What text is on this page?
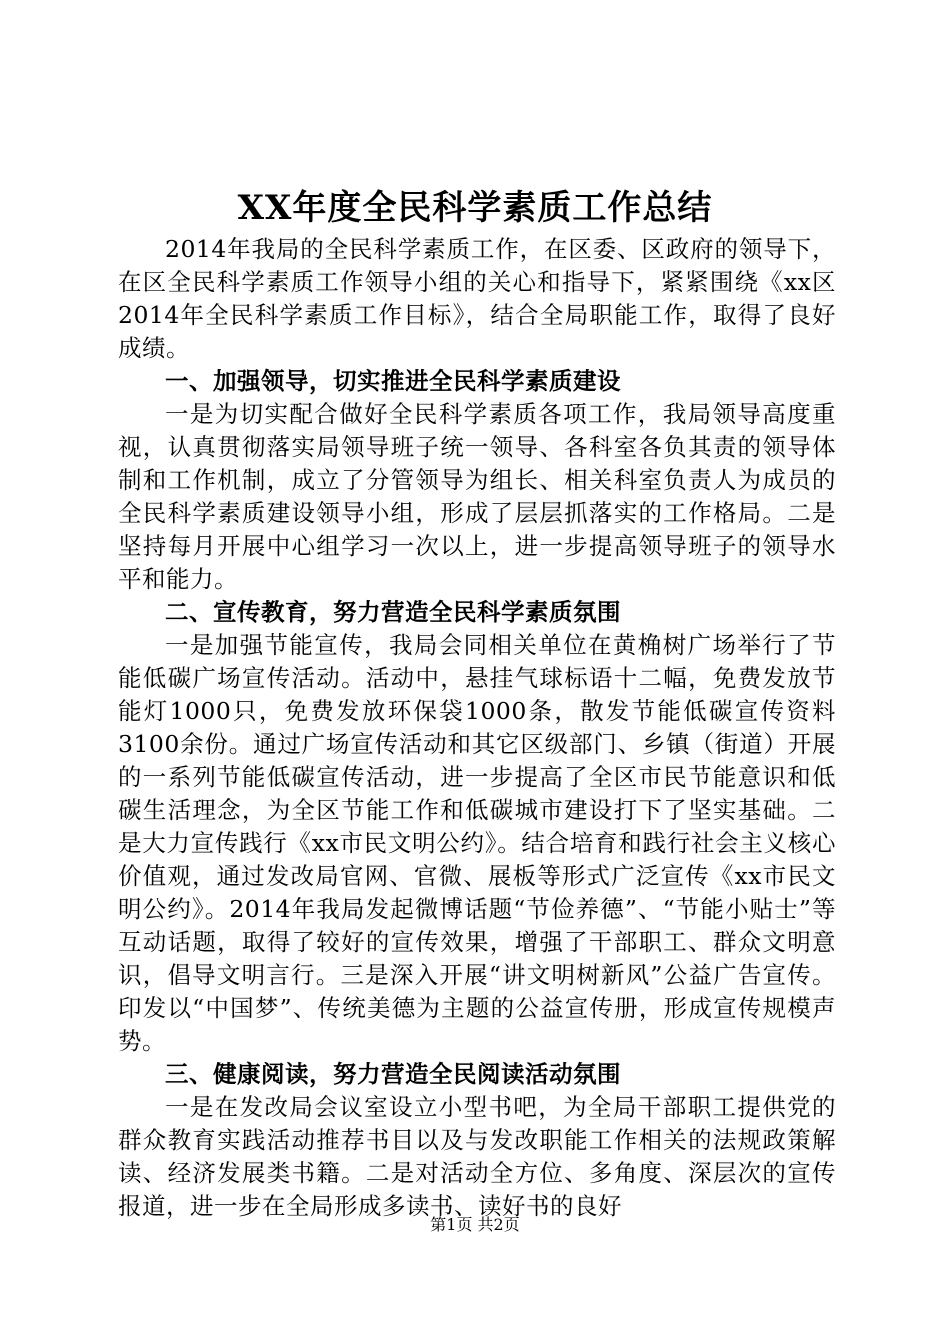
XX年度全民科学素质工作总结

2014年我局的全民科学素质工作，在区委、区政府的领导下，在区全民科学素质工作领导小组的关心和指导下，紧紧围绕《xx区2014年全民科学素质工作目标》，结合全局职能工作，取得了良好成绩。

一、加强领导，切实推进全民科学素质建设

一是为切实配合做好全民科学素质各项工作，我局领导高度重视，认真贯彻落实局领导班子统一领导、各科室各负其责的领导体制和工作机制，成立了分管领导为组长、相关科室负责人为成员的全民科学素质建设领导小组，形成了层层抓落实的工作格局。二是坚持每月开展中心组学习一次以上，进一步提高领导班子的领导水平和能力。

二、宣传教育，努力营造全民科学素质氛围

一是加强节能宣传，我局会同相关单位在黄桷树广场举行了节能低碳广场宣传活动。活动中，悬挂气球标语十二幅，免费发放节能灯1000只，免费发放环保袋1000条，散发节能低碳宣传资料3100余份。通过广场宣传活动和其它区级部门、乡镇（街道）开展的一系列节能低碳宣传活动，进一步提高了全区市民节能意识和低碳生活理念，为全区节能工作和低碳城市建设打下了坚实基础。二是大力宣传践行《xx市民文明公约》。结合培育和践行社会主义核心价值观，通过发改局官网、官微、展板等形式广泛宣传《xx市民文明公约》。2014年我局发起微博话题“节俭养德”、“节能小贴士”等互动话题，取得了较好的宣传效果，增强了干部职工、群众文明意识，倡导文明言行。三是深入开展“讲文明树新风”公益广告宣传。印发以“中国梦”、传统美德为主题的公益宣传册，形成宣传规模声势。

三、健康阅读，努力营造全民阅读活动氛围

一是在发改局会议室设立小型书吧，为全局干部职工提供党的群众教育实践活动推荐书目以及与发改职能工作相关的法规政策解读、经济发展类书籍。二是对活动全方位、多角度、深层次的宣传报道，进一步在全局形成多读书、读好书的良好

第1页 共2页
